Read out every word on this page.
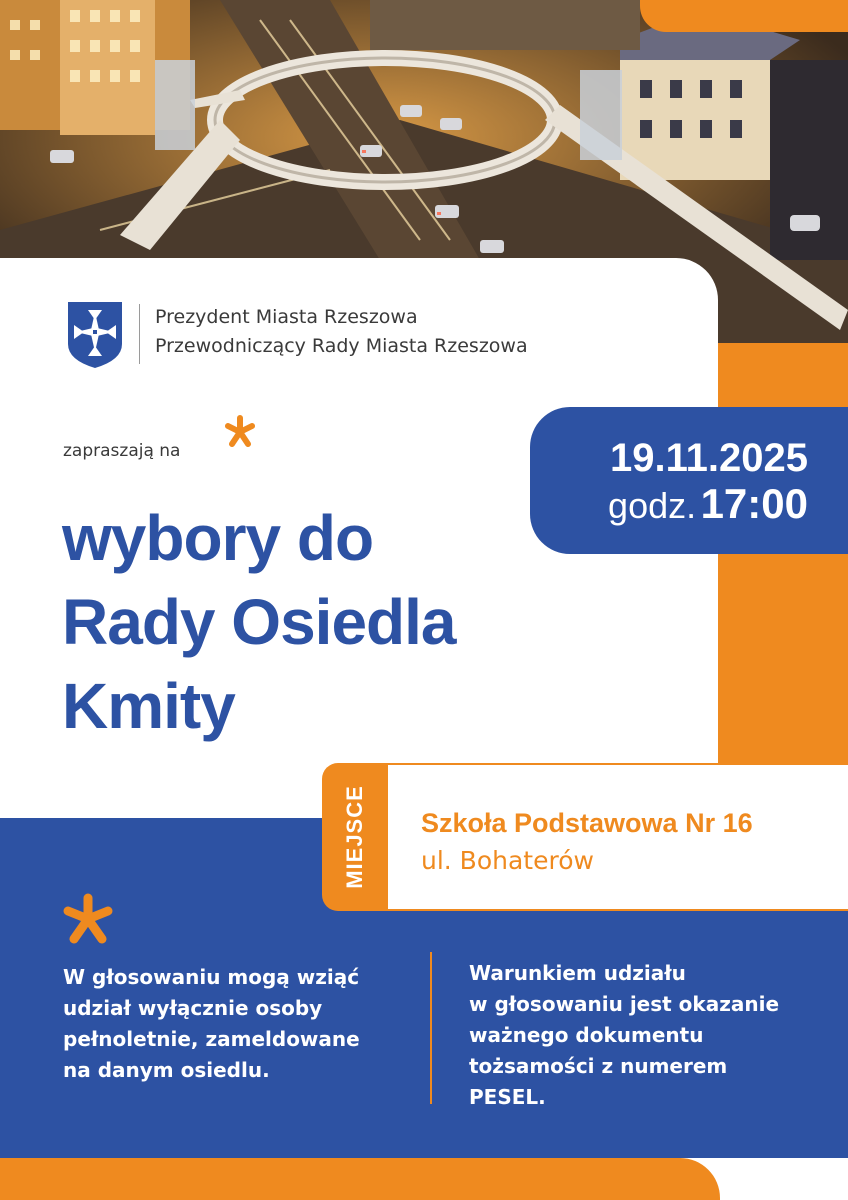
Prezydent Miasta Rzeszowa
Przewodniczący Rady Miasta Rzeszowa
zapraszają na	19.11.2025
godz. 17:00
wybory do
Rady Osiedla
Kmity
MIEJSCE Szkoła Podstawowa Nr 16
ul. Bohaterów
W głosowaniu mogą wziąć
udział wyłącznie osoby
pełnoletnie, zameldowane
na danym osiedlu.
Warunkiem udziału
w głosowaniu jest okazanie
ważnego dokumentu
tożsamości z numerem
PESEL.
